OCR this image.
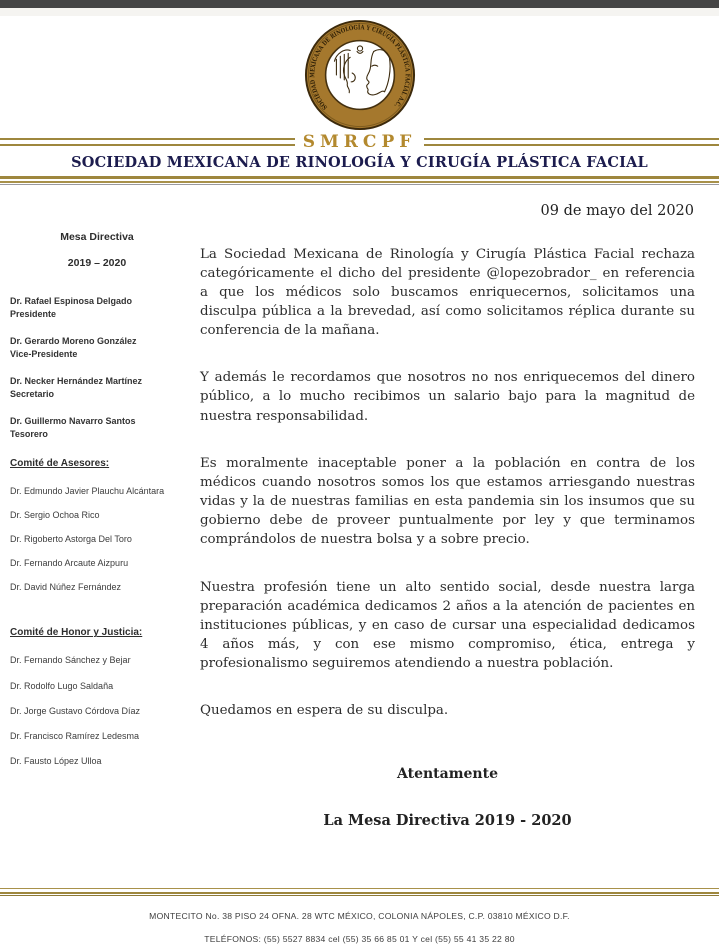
SOCIEDAD MEXICANA DE RINOLOGÍA Y CIRUGÍA PLÁSTICA FACIAL A.C.
SMRCPF
SOCIEDAD MEXICANA DE RINOLOGÍA Y CIRUGÍA PLÁSTICA FACIAL
09 de mayo del 2020
Mesa Directiva
2019 – 2020
Dr. Rafael Espinosa Delgado
Presidente
Dr. Gerardo Moreno González
Vice-Presidente
Dr. Necker Hernández Martínez
Secretario
Dr. Guillermo Navarro Santos
Tesorero
Comité de Asesores:
Dr. Edmundo Javier Plauchu Alcántara
Dr. Sergio Ochoa Rico
Dr. Rigoberto Astorga Del Toro
Dr. Fernando Arcaute Aizpuru
Dr. David Núñez Fernández
Comité de Honor y Justicia:
Dr. Fernando Sánchez y Bejar
Dr. Rodolfo Lugo Saldaña
Dr. Jorge Gustavo Córdova Díaz
Dr. Francisco Ramírez Ledesma
Dr. Fausto López Ulloa

La Sociedad Mexicana de Rinología y Cirugía Plástica Facial rechaza categóricamente el dicho del presidente @lopezobrador_ en referencia a que los médicos solo buscamos enriquecernos, solicitamos una disculpa pública a la brevedad, así como solicitamos réplica durante su conferencia de la mañana.

Y además le recordamos que nosotros no nos enriquecemos del dinero público, a lo mucho recibimos un salario bajo para la magnitud de nuestra responsabilidad.

Es moralmente inaceptable poner a la población en contra de los médicos cuando nosotros somos los que estamos arriesgando nuestras vidas y la de nuestras familias en esta pandemia sin los insumos que su gobierno debe de proveer puntualmente por ley y que terminamos comprándolos de nuestra bolsa y a sobre precio.

Nuestra profesión tiene un alto sentido social, desde nuestra larga preparación académica dedicamos 2 años a la atención de pacientes en instituciones públicas, y en caso de cursar una especialidad dedicamos 4 años más, y con ese mismo compromiso, ética, entrega y profesionalismo seguiremos atendiendo a nuestra población.

Quedamos en espera de su disculpa.

Atentamente
La Mesa Directiva 2019 - 2020
MONTECITO No. 38 PISO 24 OFNA. 28 WTC MÉXICO, COLONIA NÁPOLES, C.P. 03810 MÉXICO D.F.
TELÉFONOS: (55) 5527 8834 cel (55) 35 66 85 01 Y cel (55) 55 41 35 22 80
